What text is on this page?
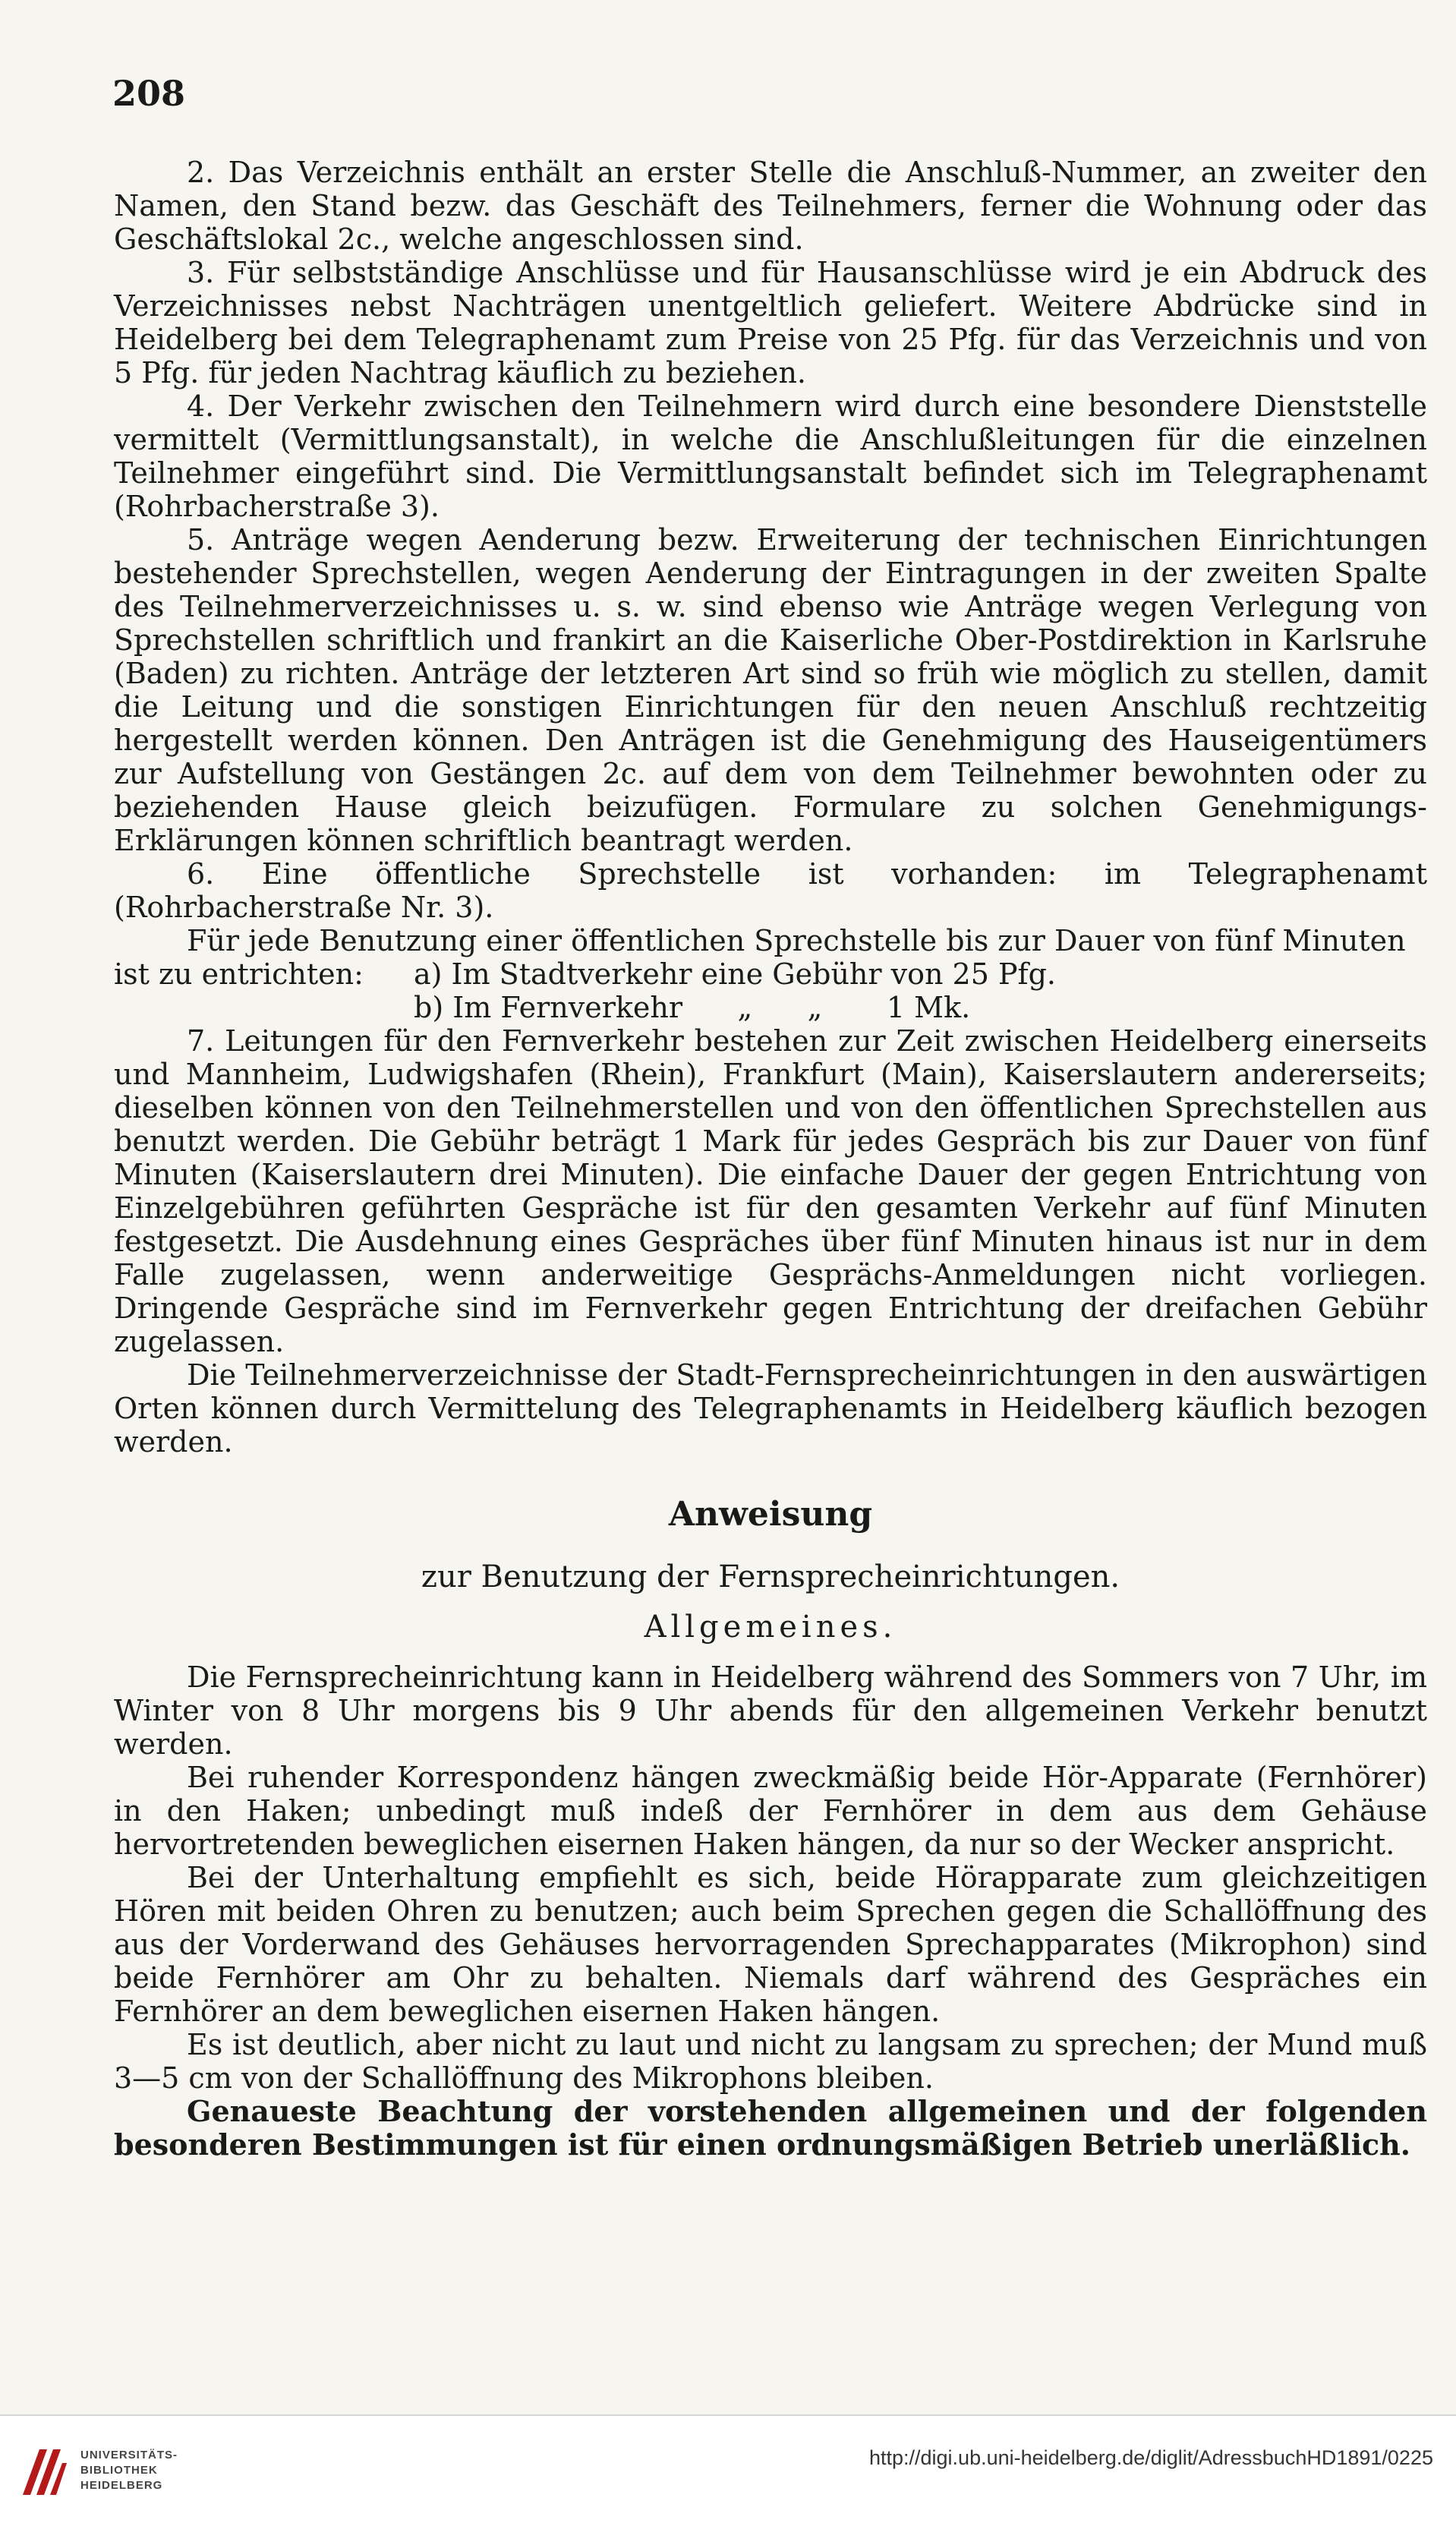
208

2. Das Verzeichnis enthält an erster Stelle die Anschluß-Nummer, an zweiter den Namen, den Stand bezw. das Geschäft des Teilnehmers, ferner die Wohnung oder das Geschäftslokal 2c., welche angeschlossen sind.

3. Für selbstständige Anschlüsse und für Hausanschlüsse wird je ein Abdruck des Verzeichnisses nebst Nachträgen unentgeltlich geliefert. Weitere Abdrücke sind in Heidelberg bei dem Telegraphenamt zum Preise von 25 Pfg. für das Verzeichnis und von 5 Pfg. für jeden Nachtrag käuflich zu beziehen.

4. Der Verkehr zwischen den Teilnehmern wird durch eine besondere Dienststelle vermittelt (Vermittlungsanstalt), in welche die Anschlußleitungen für die einzelnen Teilnehmer eingeführt sind. Die Vermittlungsanstalt befindet sich im Telegraphenamt (Rohrbacherstraße 3).

5. Anträge wegen Aenderung bezw. Erweiterung der technischen Einrichtungen bestehender Sprechstellen, wegen Aenderung der Eintragungen in der zweiten Spalte des Teilnehmerverzeichnisses u. s. w. sind ebenso wie Anträge wegen Verlegung von Sprechstellen schriftlich und frankirt an die Kaiserliche Ober-Postdirektion in Karlsruhe (Baden) zu richten. Anträge der letzteren Art sind so früh wie möglich zu stellen, damit die Leitung und die sonstigen Einrichtungen für den neuen Anschluß rechtzeitig hergestellt werden können. Den Anträgen ist die Genehmigung des Hauseigentümers zur Aufstellung von Gestängen 2c. auf dem von dem Teilnehmer bewohnten oder zu beziehenden Hause gleich beizufügen. Formulare zu solchen Genehmigungs-Erklärungen können schriftlich beantragt werden.

6. Eine öffentliche Sprechstelle ist vorhanden: im Telegraphenamt (Rohrbacherstraße Nr. 3).

Für jede Benutzung einer öffentlichen Sprechstelle bis zur Dauer von fünf Minuten

ist zu entrichten:	a) Im Stadtverkehr eine Gebühr von 25 Pfg.
b) Im Fernverkehr      „      „       1 Mk.

7. Leitungen für den Fernverkehr bestehen zur Zeit zwischen Heidelberg einerseits und Mannheim, Ludwigshafen (Rhein), Frankfurt (Main), Kaiserslautern andererseits; dieselben können von den Teilnehmerstellen und von den öffentlichen Sprechstellen aus benutzt werden. Die Gebühr beträgt 1 Mark für jedes Gespräch bis zur Dauer von fünf Minuten (Kaiserslautern drei Minuten). Die einfache Dauer der gegen Entrichtung von Einzelgebühren geführten Gespräche ist für den gesamten Verkehr auf fünf Minuten festgesetzt. Die Ausdehnung eines Gespräches über fünf Minuten hinaus ist nur in dem Falle zugelassen, wenn anderweitige Gesprächs-Anmeldungen nicht vorliegen. Dringende Gespräche sind im Fernverkehr gegen Entrichtung der dreifachen Gebühr zugelassen.

Die Teilnehmerverzeichnisse der Stadt-Fernsprecheinrichtungen in den auswärtigen Orten können durch Vermittelung des Telegraphenamts in Heidelberg käuflich bezogen werden.

Anweisung
zur Benutzung der Fernsprecheinrichtungen.
Allgemeines.

Die Fernsprecheinrichtung kann in Heidelberg während des Sommers von 7 Uhr, im Winter von 8 Uhr morgens bis 9 Uhr abends für den allgemeinen Verkehr benutzt werden.

Bei ruhender Korrespondenz hängen zweckmäßig beide Hör-Apparate (Fernhörer) in den Haken; unbedingt muß indeß der Fernhörer in dem aus dem Gehäuse hervortretenden beweglichen eisernen Haken hängen, da nur so der Wecker anspricht.

Bei der Unterhaltung empfiehlt es sich, beide Hörapparate zum gleichzeitigen Hören mit beiden Ohren zu benutzen; auch beim Sprechen gegen die Schallöffnung des aus der Vorderwand des Gehäuses hervorragenden Sprechapparates (Mikrophon) sind beide Fernhörer am Ohr zu behalten. Niemals darf während des Gespräches ein Fernhörer an dem beweglichen eisernen Haken hängen.

Es ist deutlich, aber nicht zu laut und nicht zu langsam zu sprechen; der Mund muß 3—5 cm von der Schallöffnung des Mikrophons bleiben.

Genaueste Beachtung der vorstehenden allgemeinen und der folgenden besonderen Bestimmungen ist für einen ordnungsmäßigen Betrieb unerläßlich.

UNIVERSITÄTS-
BIBLIOTHEK
HEIDELBERG
http://digi.ub.uni-heidelberg.de/diglit/AdressbuchHD1891/0225
